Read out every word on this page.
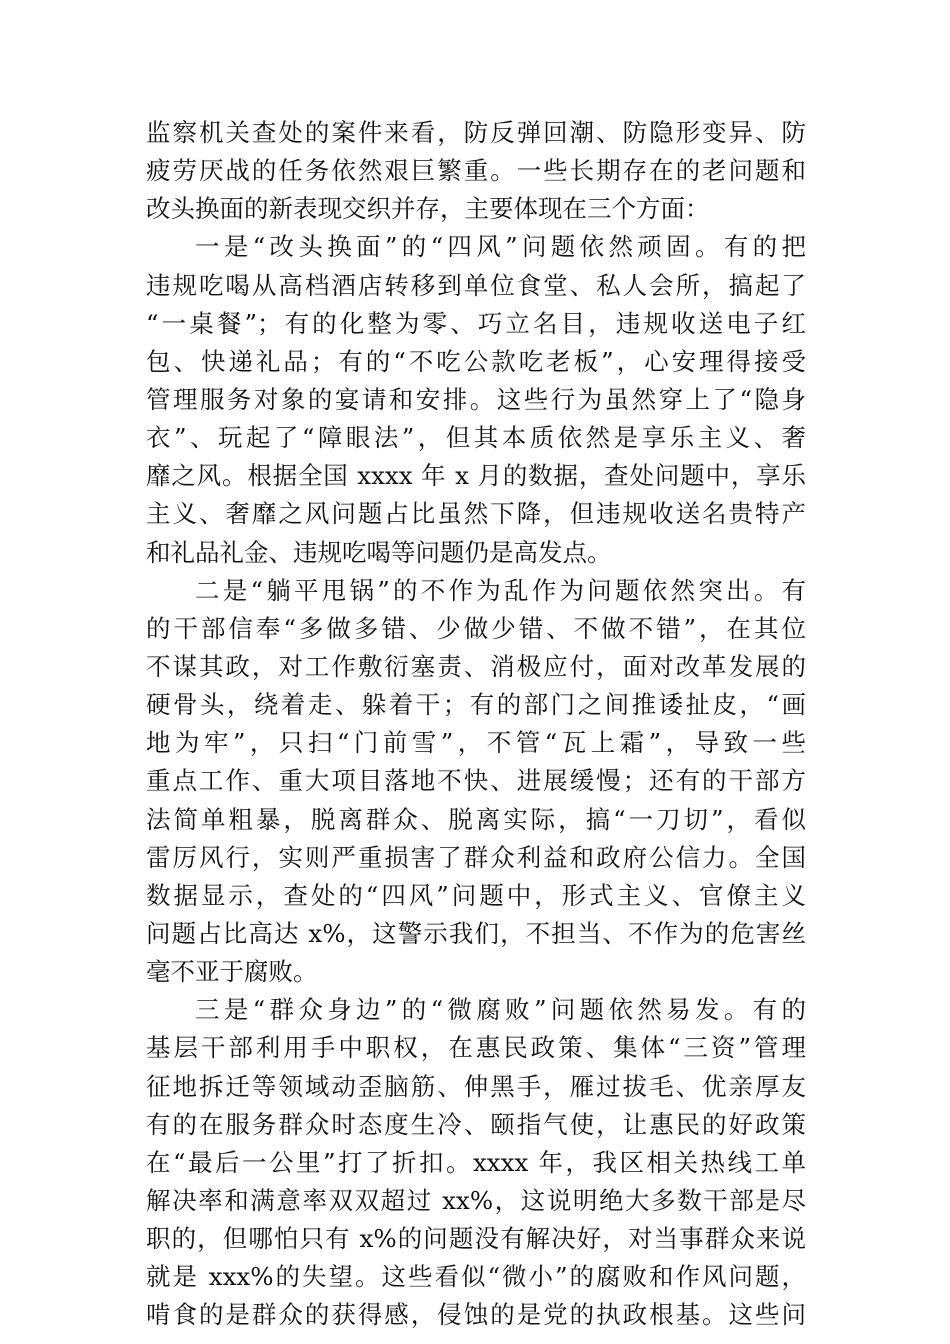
监察机关查处的案件来看，防反弹回潮、防隐形变异、防
疲劳厌战的任务依然艰巨繁重。一些长期存在的老问题和
改头换面的新表现交织并存，主要体现在三个方面：
一是“改头换面”的“四风”问题依然顽固。有的把
违规吃喝从高档酒店转移到单位食堂、私人会所，搞起了
“一桌餐”；有的化整为零、巧立名目，违规收送电子红
包、快递礼品；有的“不吃公款吃老板”，心安理得接受
管理服务对象的宴请和安排。这些行为虽然穿上了“隐身
衣”、玩起了“障眼法”，但其本质依然是享乐主义、奢
靡之风。根据全国 xxxx 年 x 月的数据，查处问题中，享乐
主义、奢靡之风问题占比虽然下降，但违规收送名贵特产
和礼品礼金、违规吃喝等问题仍是高发点。
二是“躺平甩锅”的不作为乱作为问题依然突出。有
的干部信奉“多做多错、少做少错、不做不错”，在其位
不谋其政，对工作敷衍塞责、消极应付，面对改革发展的
硬骨头，绕着走、躲着干；有的部门之间推诿扯皮，“画
地为牢”，只扫“门前雪”，不管“瓦上霜”，导致一些
重点工作、重大项目落地不快、进展缓慢；还有的干部方
法简单粗暴，脱离群众、脱离实际，搞“一刀切”，看似
雷厉风行，实则严重损害了群众利益和政府公信力。全国
数据显示，查处的“四风”问题中，形式主义、官僚主义
问题占比高达 x%，这警示我们，不担当、不作为的危害丝
毫不亚于腐败。
三是“群众身边”的“微腐败”问题依然易发。有的
基层干部利用手中职权，在惠民政策、集体“三资”管理
征地拆迁等领域动歪脑筋、伸黑手，雁过拔毛、优亲厚友
有的在服务群众时态度生冷、颐指气使，让惠民的好政策
在“最后一公里”打了折扣。xxxx 年，我区相关热线工单
解决率和满意率双双超过 xx%，这说明绝大多数干部是尽
职的，但哪怕只有 x%的问题没有解决好，对当事群众来说
就是 xxx%的失望。这些看似“微小”的腐败和作风问题，
啃食的是群众的获得感，侵蚀的是党的执政根基。这些问
